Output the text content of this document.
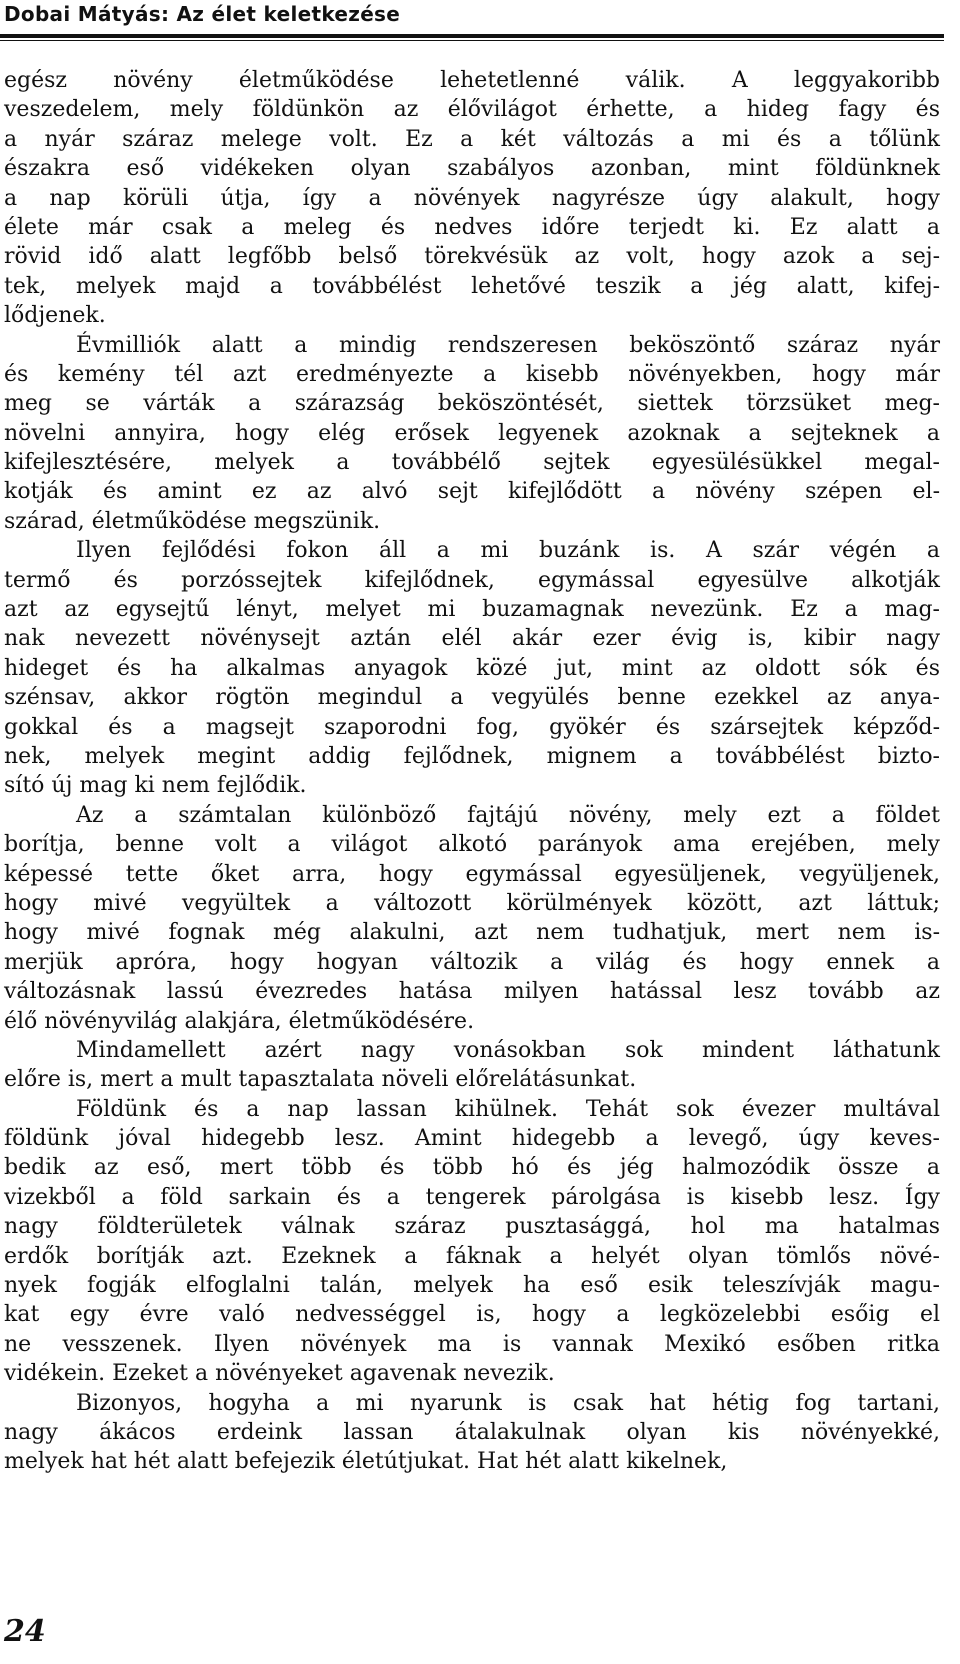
Dobai Mátyás: Az élet keletkezése
egész növény életműködése lehetetlenné válik. A leggyakoribb
veszedelem, mely földünkön az élővilágot érhette, a hideg fagy és
a nyár száraz melege volt. Ez a két változás a mi és a tőlünk
északra eső vidékeken olyan szabályos azonban, mint földünknek
a nap körüli útja, így a növények nagyrésze úgy alakult, hogy
élete már csak a meleg és nedves időre terjedt ki. Ez alatt a
rövid idő alatt legfőbb belső törekvésük az volt, hogy azok a sej-
tek, melyek majd a továbbélést lehetővé teszik a jég alatt, kifej-
lődjenek.
Évmilliók alatt a mindig rendszeresen beköszöntő száraz nyár
és kemény tél azt eredményezte a kisebb növényekben, hogy már
meg se várták a szárazság beköszöntését, siettek törzsüket meg-
növelni annyira, hogy elég erősek legyenek azoknak a sejteknek a
kifejlesztésére, melyek a továbbélő sejtek egyesülésükkel megal-
kotják és amint ez az alvó sejt kifejlődött a növény szépen el-
szárad, életműködése megszünik.
Ilyen fejlődési fokon áll a mi buzánk is. A szár végén a
termő és porzóssejtek kifejlődnek, egymással egyesülve alkotják
azt az egysejtű lényt, melyet mi buzamagnak nevezünk. Ez a mag-
nak nevezett növénysejt aztán elél akár ezer évig is, kibir nagy
hideget és ha alkalmas anyagok közé jut, mint az oldott sók és
szénsav, akkor rögtön megindul a vegyülés benne ezekkel az anya-
gokkal és a magsejt szaporodni fog, gyökér és szársejtek képződ-
nek, melyek megint addig fejlődnek, mignem a továbbélést bizto-
sító új mag ki nem fejlődik.
Az a számtalan különböző fajtájú növény, mely ezt a földet
borítja, benne volt a világot alkotó parányok ama erejében, mely
képessé tette őket arra, hogy egymással egyesüljenek, vegyüljenek,
hogy mivé vegyültek a változott körülmények között, azt láttuk;
hogy mivé fognak még alakulni, azt nem tudhatjuk, mert nem is-
merjük apróra, hogy hogyan változik a világ és hogy ennek a
változásnak lassú évezredes hatása milyen hatással lesz tovább az
élő növényvilág alakjára, életműködésére.
Mindamellett azért nagy vonásokban sok mindent láthatunk
előre is, mert a mult tapasztalata növeli előrelátásunkat.
Földünk és a nap lassan kihülnek. Tehát sok évezer multával
földünk jóval hidegebb lesz. Amint hidegebb a levegő, úgy keves-
bedik az eső, mert több és több hó és jég halmozódik össze a
vizekből a föld sarkain és a tengerek párolgása is kisebb lesz. Így
nagy földterületek válnak száraz pusztasággá, hol ma hatalmas
erdők borítják azt. Ezeknek a fáknak a helyét olyan tömlős növé-
nyek fogják elfoglalni talán, melyek ha eső esik teleszívják magu-
kat egy évre való nedvességgel is, hogy a legközelebbi esőig el
ne vesszenek. Ilyen növények ma is vannak Mexikó esőben ritka
vidékein. Ezeket a növényeket agavenak nevezik.
Bizonyos, hogyha a mi nyarunk is csak hat hétig fog tartani,
nagy ákácos erdeink lassan átalakulnak olyan kis növényekké,
melyek hat hét alatt befejezik életútjukat. Hat hét alatt kikelnek,
24
